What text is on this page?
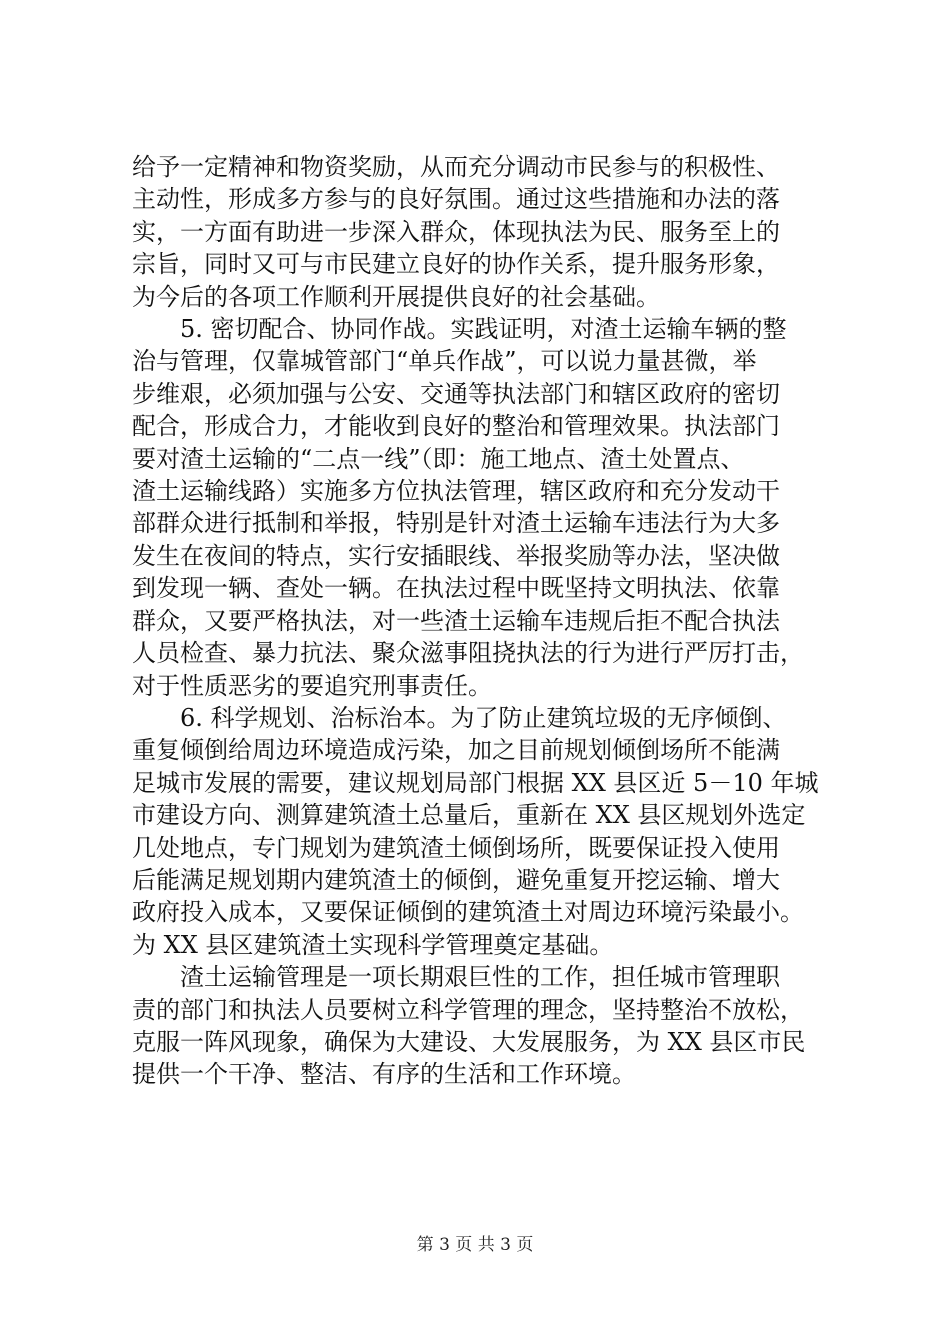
给予一定精神和物资奖励，从而充分调动市民参与的积极性、
主动性，形成多方参与的良好氛围。通过这些措施和办法的落
实，一方面有助进一步深入群众，体现执法为民、服务至上的
宗旨，同时又可与市民建立良好的协作关系，提升服务形象，
为今后的各项工作顺利开展提供良好的社会基础。

　　5. 密切配合、协同作战。实践证明，对渣土运输车辆的整
治与管理，仅靠城管部门“单兵作战”，可以说力量甚微，举
步维艰，必须加强与公安、交通等执法部门和辖区政府的密切
配合，形成合力，才能收到良好的整治和管理效果。执法部门
要对渣土运输的“二点一线”（即：施工地点、渣土处置点、
渣土运输线路）实施多方位执法管理，辖区政府和充分发动干
部群众进行抵制和举报，特别是针对渣土运输车违法行为大多
发生在夜间的特点，实行安插眼线、举报奖励等办法，坚决做
到发现一辆、查处一辆。在执法过程中既坚持文明执法、依靠
群众，又要严格执法，对一些渣土运输车违规后拒不配合执法
人员检查、暴力抗法、聚众滋事阻挠执法的行为进行严厉打击，
对于性质恶劣的要追究刑事责任。

　　6. 科学规划、治标治本。为了防止建筑垃圾的无序倾倒、
重复倾倒给周边环境造成污染，加之目前规划倾倒场所不能满
足城市发展的需要，建议规划局部门根据 XX 县区近 5－10 年城
市建设方向、测算建筑渣土总量后，重新在 XX 县区规划外选定
几处地点，专门规划为建筑渣土倾倒场所，既要保证投入使用
后能满足规划期内建筑渣土的倾倒，避免重复开挖运输、增大
政府投入成本，又要保证倾倒的建筑渣土对周边环境污染最小。
为 XX 县区建筑渣土实现科学管理奠定基础。

　　渣土运输管理是一项长期艰巨性的工作，担任城市管理职
责的部门和执法人员要树立科学管理的理念，坚持整治不放松，
克服一阵风现象，确保为大建设、大发展服务，为 XX 县区市民
提供一个干净、整洁、有序的生活和工作环境。

第 3 页 共 3 页
